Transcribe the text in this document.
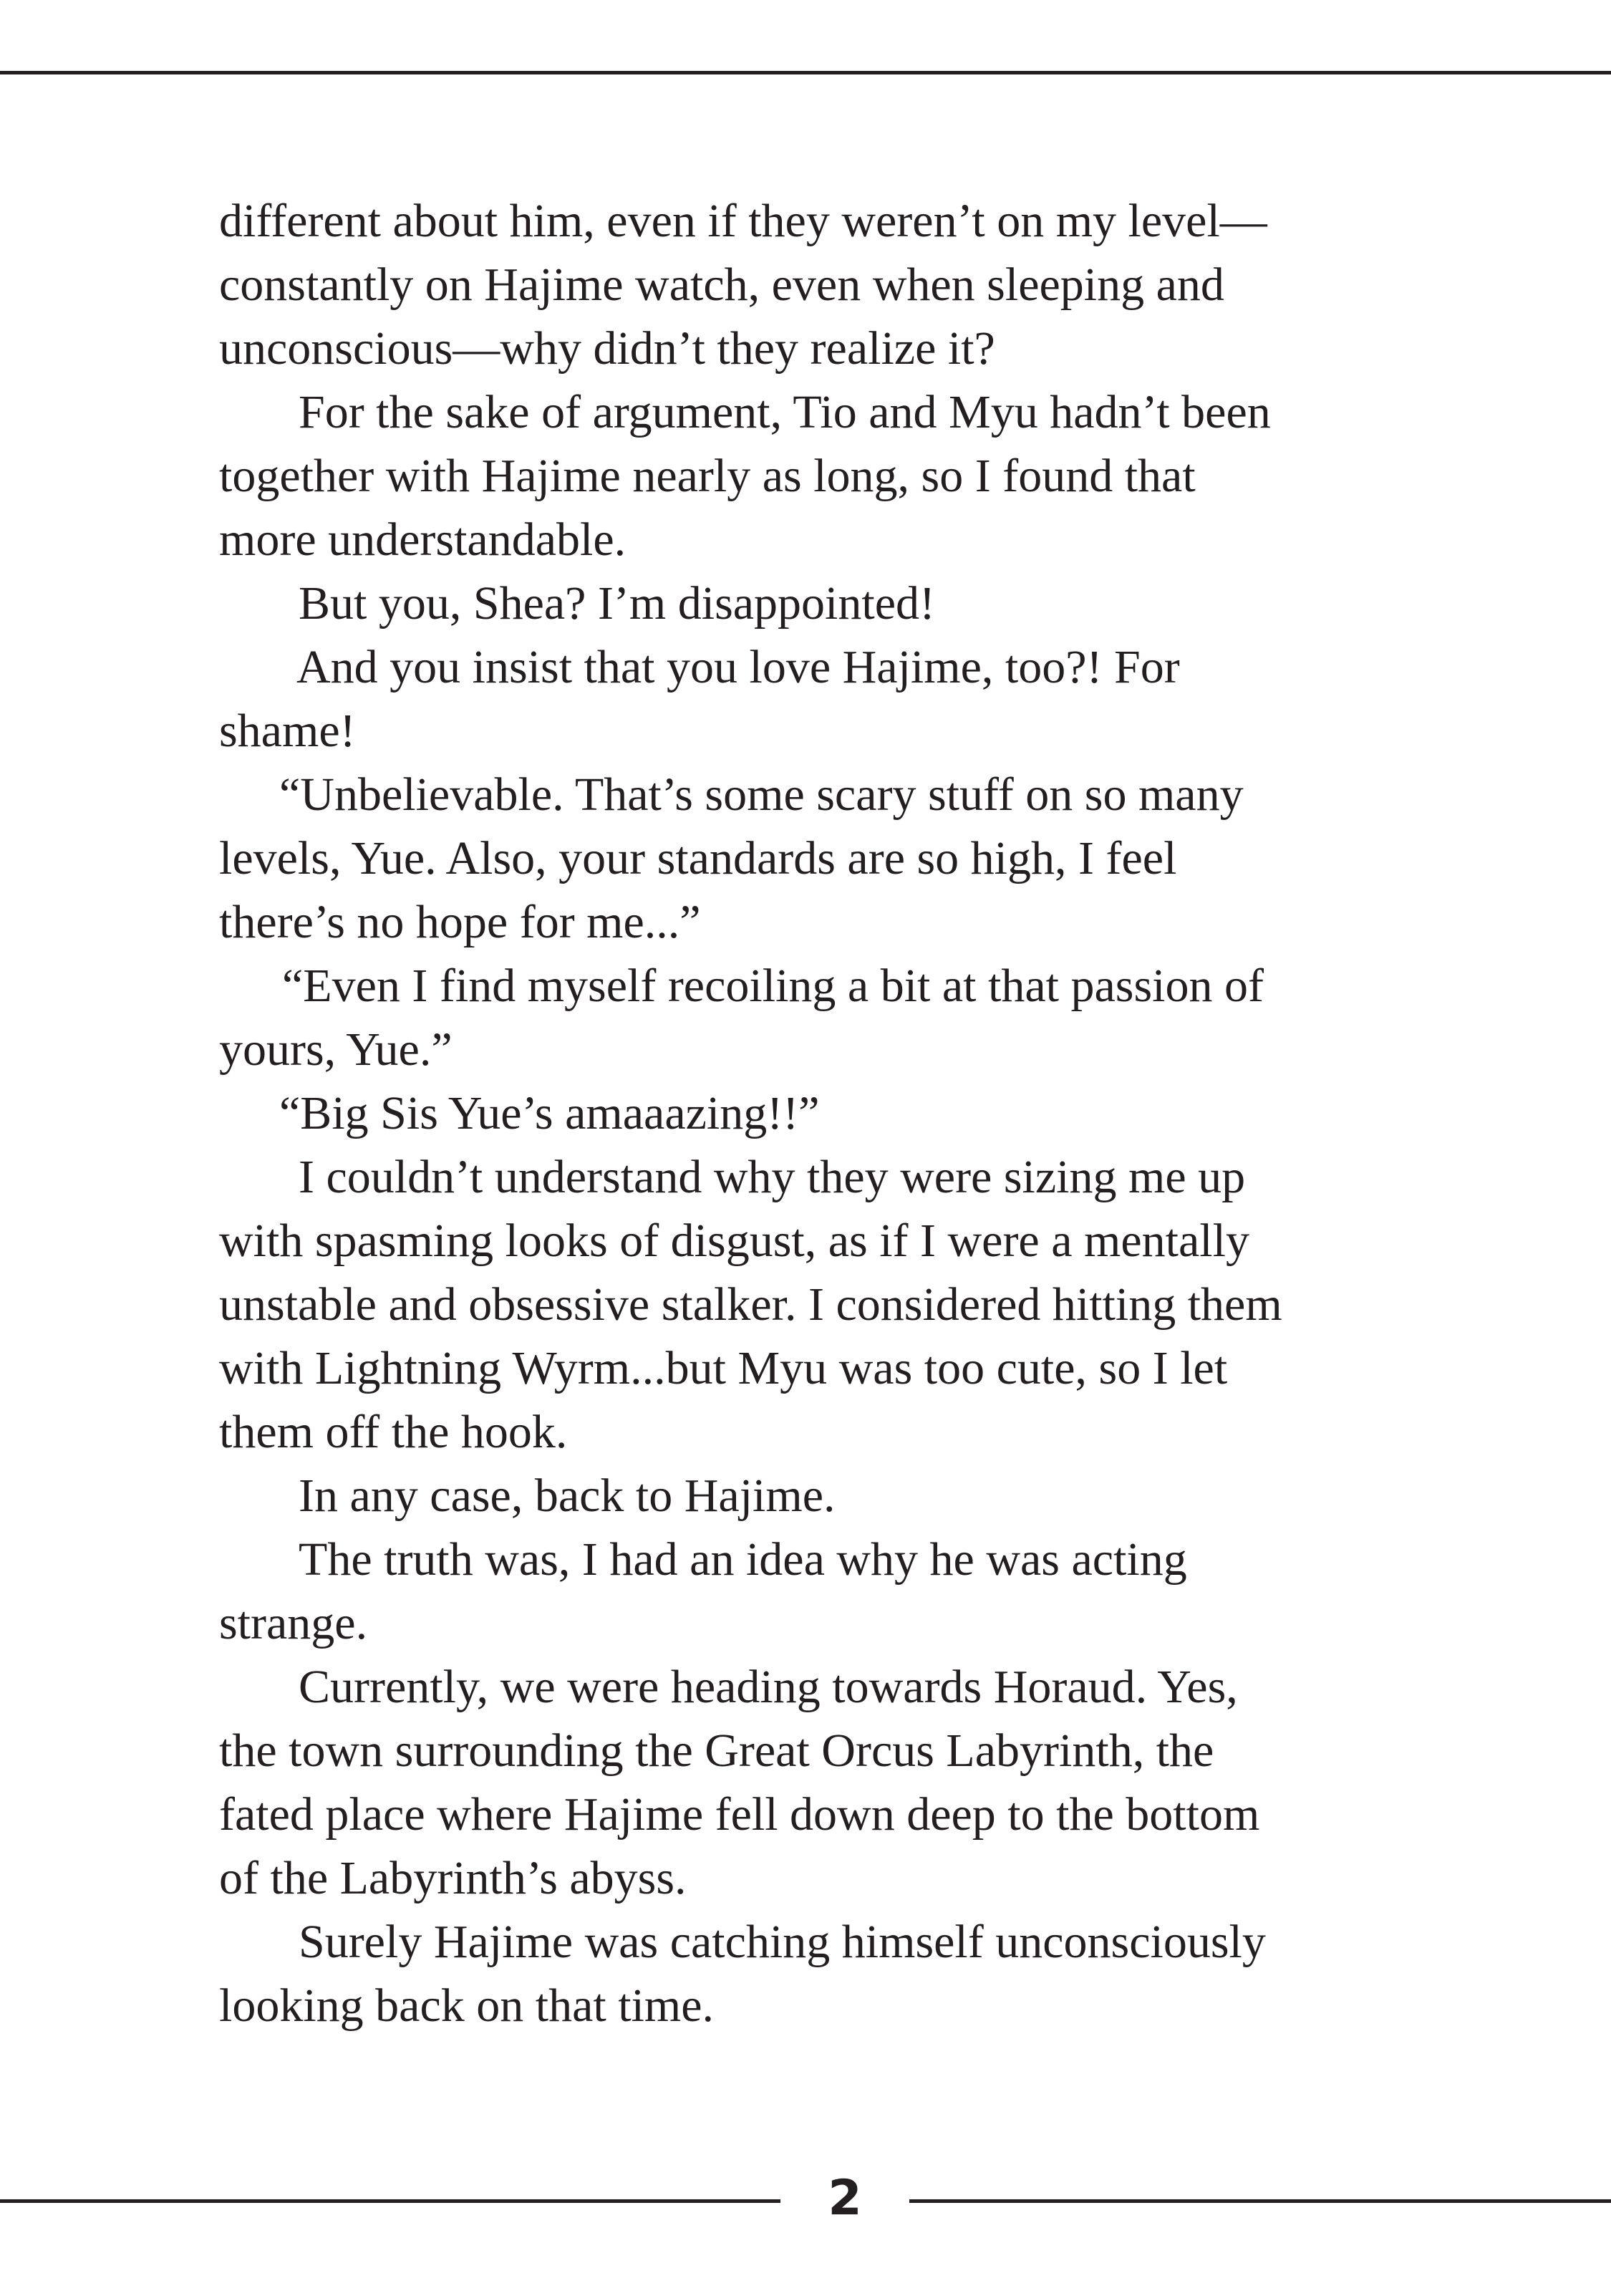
different about him, even if they weren’t on my level—
constantly on Hajime watch, even when sleeping and
unconscious—why didn’t they realize it?
For the sake of argument, Tio and Myu hadn’t been
together with Hajime nearly as long, so I found that
more understandable.
But you, Shea? I’m disappointed!
And you insist that you love Hajime, too?! For
shame!
“Unbelievable. That’s some scary stuff on so many
levels, Yue. Also, your standards are so high, I feel
there’s no hope for me...”
“Even I find myself recoiling a bit at that passion of
yours, Yue.”
“Big Sis Yue’s amaaazing!!”
I couldn’t understand why they were sizing me up
with spasming looks of disgust, as if I were a mentally
unstable and obsessive stalker. I considered hitting them
with Lightning Wyrm...but Myu was too cute, so I let
them off the hook.
In any case, back to Hajime.
The truth was, I had an idea why he was acting
strange.
Currently, we were heading towards Horaud. Yes,
the town surrounding the Great Orcus Labyrinth, the
fated place where Hajime fell down deep to the bottom
of the Labyrinth’s abyss.
Surely Hajime was catching himself unconsciously
looking back on that time.
2
